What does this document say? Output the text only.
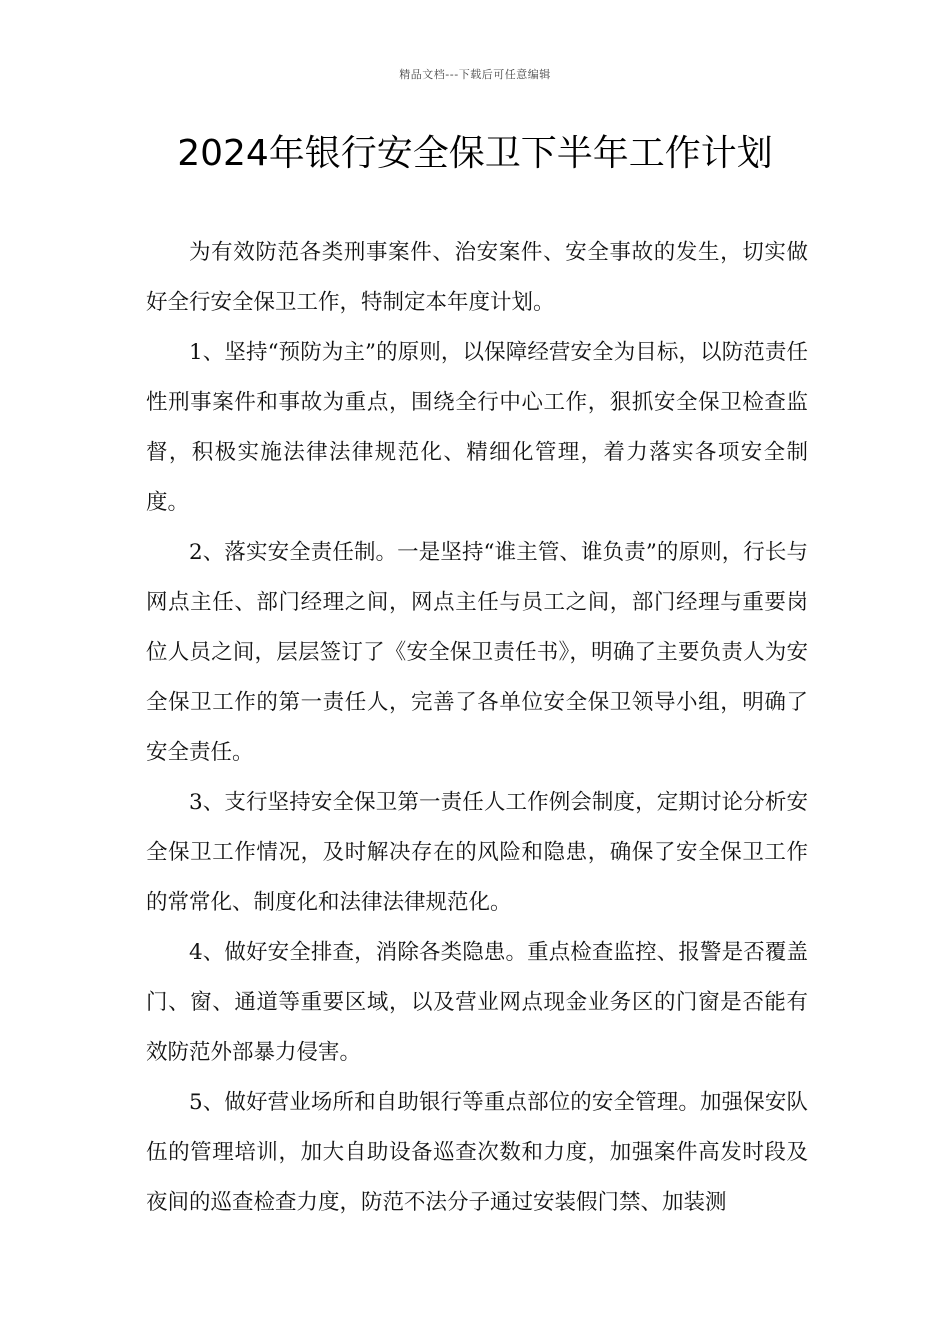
精品文档---下载后可任意编辑
2024年银行安全保卫下半年工作计划

为有效防范各类刑事案件、治安案件、安全事故的发生，切实做好全行安全保卫工作，特制定本年度计划。

1、坚持“预防为主”的原则，以保障经营安全为目标，以防范责任性刑事案件和事故为重点，围绕全行中心工作，狠抓安全保卫检查监督，积极实施法律法律规范化、精细化管理，着力落实各项安全制度。

2、落实安全责任制。一是坚持“谁主管、谁负责”的原则，行长与网点主任、部门经理之间，网点主任与员工之间，部门经理与重要岗位人员之间，层层签订了《安全保卫责任书》，明确了主要负责人为安全保卫工作的第一责任人，完善了各单位安全保卫领导小组，明确了安全责任。

3、支行坚持安全保卫第一责任人工作例会制度，定期讨论分析安全保卫工作情况，及时解决存在的风险和隐患，确保了安全保卫工作的常常化、制度化和法律法律规范化。

4、做好安全排查，消除各类隐患。重点检查监控、报警是否覆盖门、窗、通道等重要区域，以及营业网点现金业务区的门窗是否能有效防范外部暴力侵害。

5、做好营业场所和自助银行等重点部位的安全管理。加强保安队伍的管理培训，加大自助设备巡查次数和力度，加强案件高发时段及夜间的巡查检查力度，防范不法分子通过安装假门禁、加装测
